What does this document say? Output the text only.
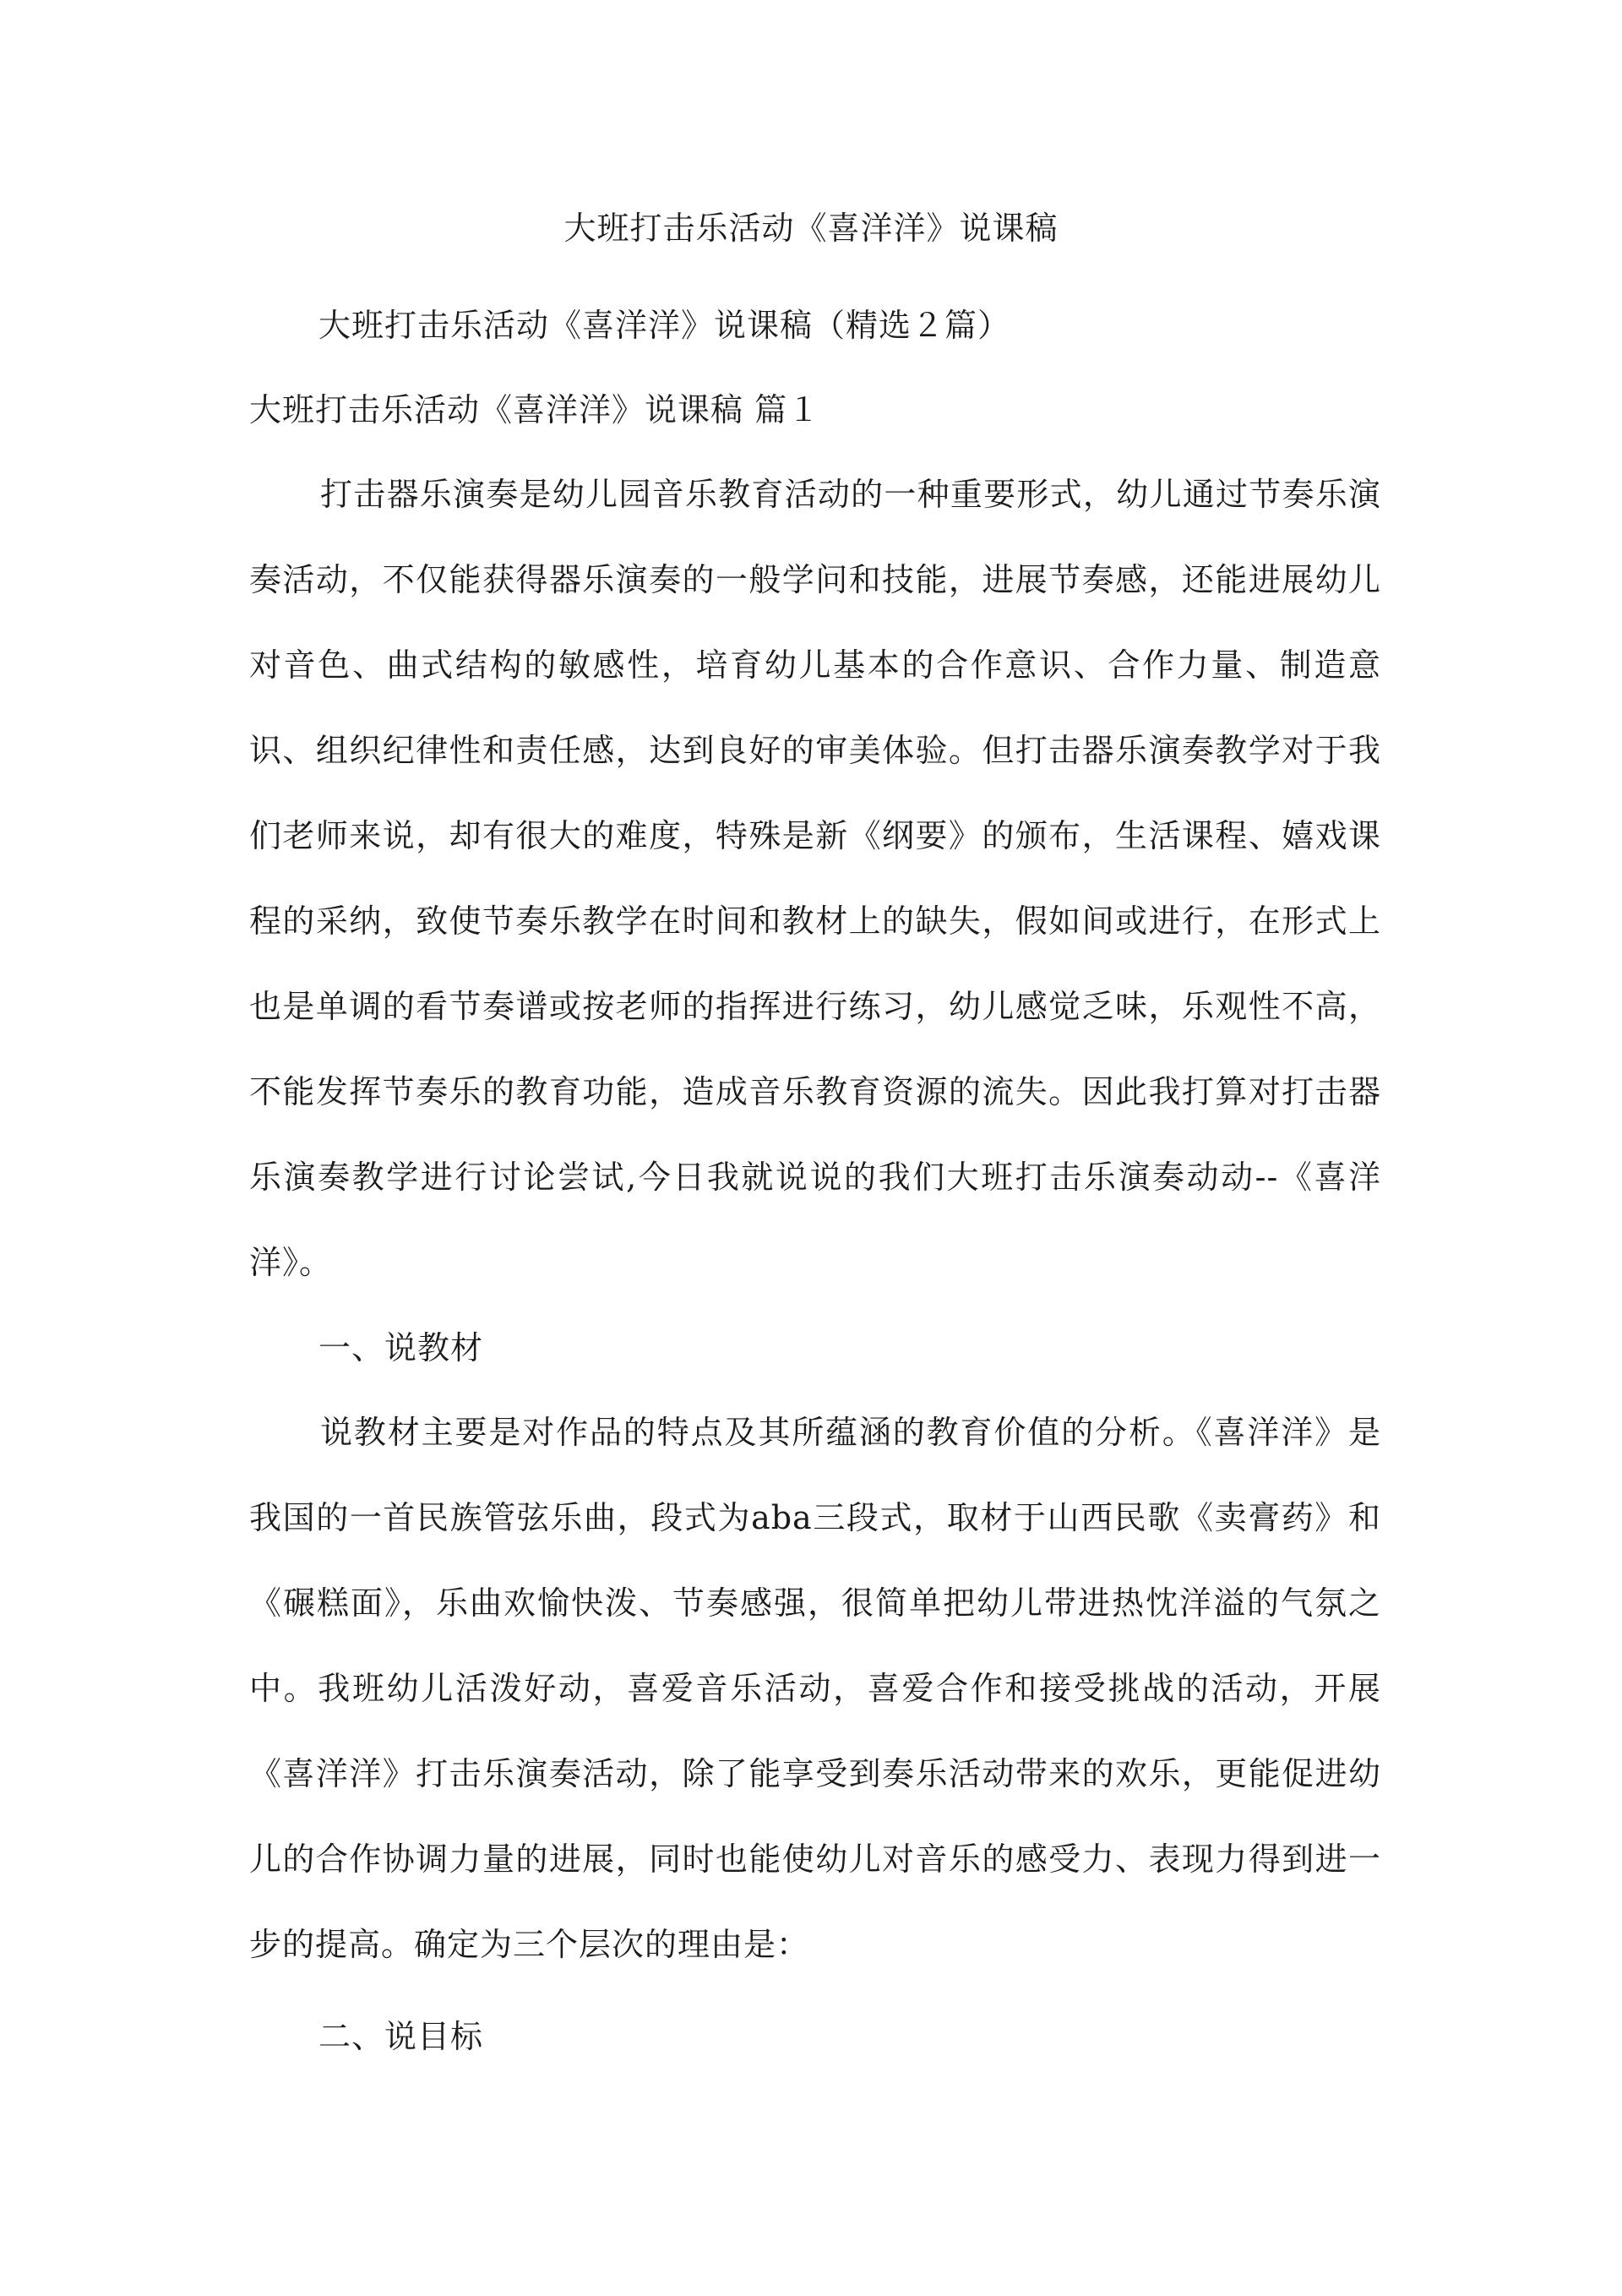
大班打击乐活动《喜洋洋》说课稿
大班打击乐活动《喜洋洋》说课稿（精选２篇）
大班打击乐活动《喜洋洋》说课稿 篇１
打击器乐演奏是幼儿园音乐教育活动的一种重要形式，幼儿通过节奏乐演奏活动，不仅能获得器乐演奏的一般学问和技能，进展节奏感，还能进展幼儿对音色、曲式结构的敏感性，培育幼儿基本的合作意识、合作力量、制造意识、组织纪律性和责任感，达到良好的审美体验。但打击器乐演奏教学对于我们老师来说，却有很大的难度，特殊是新《纲要》的颁布，生活课程、嬉戏课程的采纳，致使节奏乐教学在时间和教材上的缺失，假如间或进行，在形式上也是单调的看节奏谱或按老师的指挥进行练习，幼儿感觉乏味，乐观性不高，不能发挥节奏乐的教育功能，造成音乐教育资源的流失。因此我打算对打击器乐演奏教学进行讨论尝试,今日我就说说的我们大班打击乐演奏动动--《喜洋洋》。
一、说教材
说教材主要是对作品的特点及其所蕴涵的教育价值的分析。《喜洋洋》是我国的一首民族管弦乐曲，段式为aba三段式，取材于山西民歌《卖膏药》和《碾糕面》，乐曲欢愉快泼、节奏感强，很简单把幼儿带进热忱洋溢的气氛之中。我班幼儿活泼好动，喜爱音乐活动，喜爱合作和接受挑战的活动，开展《喜洋洋》打击乐演奏活动，除了能享受到奏乐活动带来的欢乐，更能促进幼儿的合作协调力量的进展，同时也能使幼儿对音乐的感受力、表现力得到进一步的提高。确定为三个层次的理由是：
二、说目标
